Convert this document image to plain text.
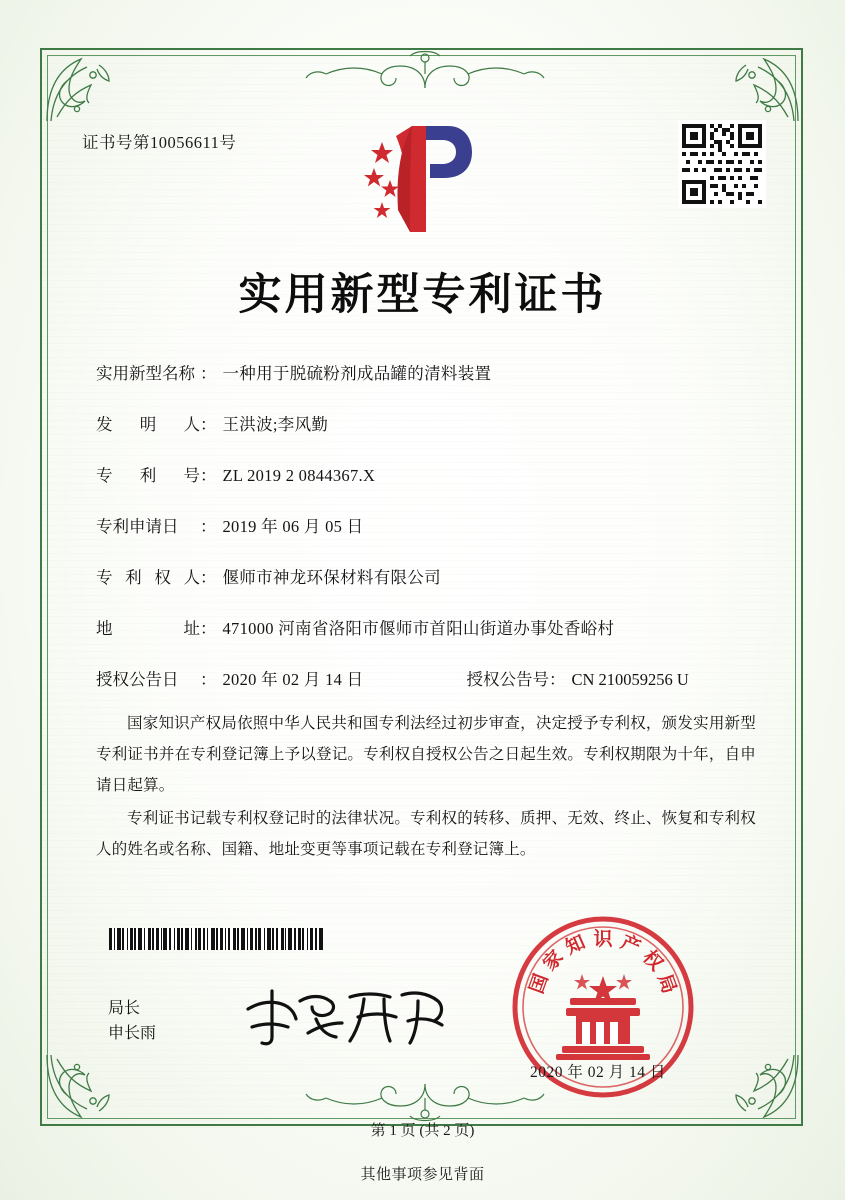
证书号第10056611号
实用新型专利证书
实用新型名称 ： 一种用于脱硫粉剂成品罐的清料装置
发 明 人 ： 王洪波;李风勤
专 利 号 ： ZL 2019 2 0844367.X
专利申请日	： 2019 年 06 月 05 日
专 利 权 人 ： 偃师市神龙环保材料有限公司
地	址 ： 471000 河南省洛阳市偃师市首阳山街道办事处香峪村
授权公告日	： 2020 年 02 月 14 日	授权公告号： CN 210059256 U

国家知识产权局依照中华人民共和国专利法经过初步审查，决定授予专利权，颁发实用新型专利证书并在专利登记簿上予以登记。专利权自授权公告之日起生效。专利权期限为十年，自申请日起算。

专利证书记载专利权登记时的法律状况。专利权的转移、质押、无效、终止、恢复和专利权人的姓名或名称、国籍、地址变更等事项记载在专利登记簿上。

局长
申长雨
国
家
知 识 产
权
局
2020 年 02 月 14 日
第 1 页 (共 2 页)
其他事项参见背面
